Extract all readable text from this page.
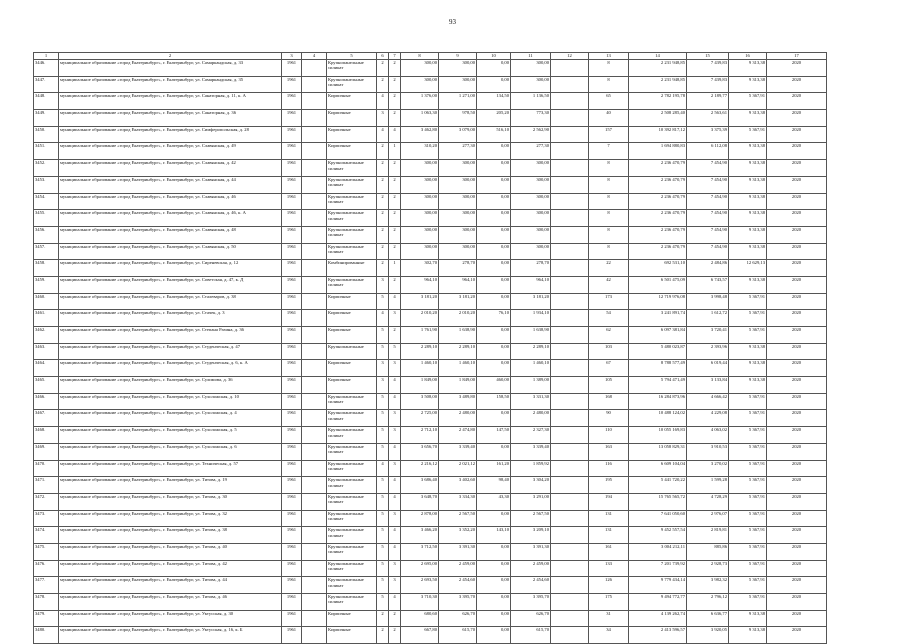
93
1	2	3	4	5	6	7	8	9	10	11	12	13	14	15	16	17
3446.	муниципальное образование «город Екатеринбург», г. Екатеринбург, ул. Самаркандская, д. 33	1961		Крупнопанельные силикат	2	2	300,00	300,00	0,00	300,00		8	2 231 948,85	7 439,83	9 313,38	2020
3447.	муниципальное образование «город Екатеринбург», г. Екатеринбург, ул. Самаркандская, д. 35	1961		Крупнопанельные силикат	2	2	300,00	300,00	0,00	300,00		8	2 231 948,85	7 439,83	9 313,38	2020
3448.	муниципальное образование «город Екатеринбург», г. Екатеринбург, ул. Санаторная, д. 11, к. А	1961		Кирпичные	4	2	1 376,00	1 271,00	134,50	1 136,50		65	2 782 195,78	2 189,77	5 367,91	2020
3449.	муниципальное образование «город Екатеринбург», г. Екатеринбург, ул. Санаторная, д. 36	1961		Кирпичные	3	2	1 063,30	978,50	205,20	773,30		40	2 508 285,40	2 563,61	9 313,38	2020
3450.	муниципальное образование «город Екатеринбург», г. Екатеринбург, ул. Симферопольская, д. 28	1961		Кирпичные	4	4	3 462,80	3 079,00	516,10	2 562,90		157	10 392 817,12	3 375,39	5 367,91	2020
3451.	муниципальное образование «город Екатеринбург», г. Екатеринбург, ул. Славянская, д. 49	1961		Кирпичные	2	1	310,20	277,30	0,00	277,30		7	1 694 880,83	6 112,08	9 313,38	2020
3452.	муниципальное образование «город Екатеринбург», г. Екатеринбург, ул. Славянская, д. 42	1961		Крупнопанельные силикат	2	2	300,00	300,00	0,00	300,00		8	2 236 470,79	7 454,90	9 313,38	2020
3453.	муниципальное образование «город Екатеринбург», г. Екатеринбург, ул. Славянская, д. 44	1961		Крупнопанельные силикат	2	2	300,00	300,00	0,00	300,00		8	2 236 470,79	7 454,90	9 313,38	2020
3454.	муниципальное образование «город Екатеринбург», г. Екатеринбург, ул. Славянская, д. 46	1961		Крупнопанельные силикат	2	2	300,00	300,00	0,00	300,00		8	2 236 470,79	7 454,90	9 313,38	2020
3455.	муниципальное образование «город Екатеринбург», г. Екатеринбург, ул. Славянская, д. 46, к. А	1961		Крупнопанельные силикат	2	2	300,00	300,00	0,00	300,00		8	2 236 470,79	7 454,90	9 313,38	2020
3456.	муниципальное образование «город Екатеринбург», г. Екатеринбург, ул. Славянская, д. 48	1961		Крупнопанельные силикат	2	2	300,00	300,00	0,00	300,00		8	2 236 470,79	7 454,90	9 313,38	2020
3457.	муниципальное образование «город Екатеринбург», г. Екатеринбург, ул. Славянская, д. 50	1961		Крупнопанельные силикат	2	2	300,00	300,00	0,00	300,00		8	2 236 470,79	7 454,90	9 313,38	2020
3458.	муниципальное образование «город Екатеринбург», г. Екатеринбург, ул. Сиреневская, д. 12	1961		Комбинированные	2	1	302,70	278,70	0,00	278,70		22	692 531,10	2 484,86	12 629,13	2020
3459.	муниципальное образование «город Екатеринбург», г. Екатеринбург, ул. Советская, д. 47, к. Д	1961		Крупнопанельные силикат	3	2	964,10	964,10	0,00	964,10		42	6 501 475,09	6 743,57	9 313,38	2020
3460.	муниципальное образование «город Екатеринбург», г. Екатеринбург, ул. Сталеваров, д. 38	1961		Кирпичные	5	4	3 181,20	3 181,20	0,00	3 181,20		173	12 719 976,08	3 998,48	5 367,91	2020
3461.	муниципальное образование «город Екатеринбург», г. Екатеринбург, ул. Стачек, д. 3	1961		Кирпичные	4	3	2 010,20	2 010,20	76,10	1 934,10		54	3 241 891,74	1 612,72	5 367,91	2020
3462.	муниципальное образование «город Екатеринбург», г. Екатеринбург, ул. Степана Разина, д. 36	1961		Кирпичные	5	2	1 761,90	1 638,90	0,00	1 638,90		62	6 097 381,84	3 720,41	5 367,91	2020
3463.	муниципальное образование «город Екатеринбург», г. Екатеринбург, ул. Студенческая, д. 47	1961		Крупнопанельные	5	5	2 289,10	2 289,10	0,00	2 289,10		103	5 480 023,87	2 393,96	9 313,38	2020
3464.	муниципальное образование «город Екатеринбург», г. Екатеринбург, ул. Студенческая, д. 6, к. А	1961		Кирпичные	3	3	1 460,10	1 460,10	0,00	1 460,10		67	8 788 577,49	6 019,44	9 313,38	2020
3465.	муниципальное образование «город Екатеринбург», г. Екатеринбург, ул. Сулимова, д. 36	1961		Кирпичные	3	4	1 849,00	1 849,00	460,00	1 389,00		105	5 794 471,49	3 133,84	9 313,38	2020
3466.	муниципальное образование «город Екатеринбург», г. Екатеринбург, ул. Сухоложская, д. 10	1961		Крупнопанельные силикат	5	4	3 508,00	3 489,80	158,50	3 331,30		168	16 284 873,96	4 666,42	5 367,91	2020
3467.	муниципальное образование «город Екатеринбург», г. Екатеринбург, ул. Сухоложская, д. 4	1961		Крупнопанельные силикат	5	3	2 725,00	2 480,00	0,00	2 480,00		90	10 488 124,02	4 229,08	5 367,91	2020
3468.	муниципальное образование «город Екатеринбург», г. Екатеринбург, ул. Сухоложская, д. 5	1961		Крупнопанельные силикат	5	3	2 712,10	2 474,80	147,50	2 327,30		110	10 055 169,83	4 063,02	5 367,91	2020
3469.	муниципальное образование «город Екатеринбург», г. Екатеринбург, ул. Сухоложская, д. 6	1961		Крупнопанельные силикат	5	4	3 656,70	3 339,40	0,00	3 339,40		163	13 058 829,31	3 910,53	5 367,91	2020
3470.	муниципальное образование «город Екатеринбург», г. Екатеринбург, ул. Техническая, д. 57	1961		Крупнопанельные силикат	4	3	2 216,12	2 021,12	161,20	1 859,92		116	6 609 104,04	3 270,02	5 367,91	2020
3471.	муниципальное образование «город Екатеринбург», г. Екатеринбург, ул. Титова, д. 19	1961		Крупнопанельные силикат	5	4	3 686,40	3 402,60	98,40	3 304,20		195	5 441 720,22	1 599,28	5 367,91	2020
3472.	муниципальное образование «город Екатеринбург», г. Екатеринбург, ул. Титова, д. 30	1961		Крупнопанельные силикат	5	4	3 648,70	3 334,30	43,30	3 291,00		194	15 765 565,72	4 728,29	5 367,91	2020
3473.	муниципальное образование «город Екатеринбург», г. Екатеринбург, ул. Титова, д. 32	1961		Крупнопанельные силикат	5	3	2 878,00	2 567,50	0,00	2 567,50		131	7 641 050,60	2 976,07	5 367,91	2020
3474.	муниципальное образование «город Екатеринбург», г. Екатеринбург, ул. Титова, д. 38	1961		Крупнопанельные силикат	5	4	3 466,20	3 352,20	143,10	3 209,10		131	9 452 557,54	2 819,81	5 367,91	2020
3475.	муниципальное образование «город Екатеринбург», г. Екатеринбург, ул. Титова, д. 40	1961		Крупнопанельные силикат	5	4	3 712,50	3 391,30	0,00	3 391,30		161	3 004 212,11	885,86	5 367,91	2020
3476.	муниципальное образование «город Екатеринбург», г. Екатеринбург, ул. Титова, д. 42	1961		Крупнопанельные силикат	5	3	2 695,00	2 459,00	0,00	2 459,00		133	7 201 739,92	2 928,73	5 367,91	2020
3477.	муниципальное образование «город Екатеринбург», г. Екатеринбург, ул. Титова, д. 44	1961		Крупнопанельные силикат	5	3	2 693,50	2 454,60	0,00	2 454,60		126	9 779 434,14	3 982,32	5 367,91	2020
3478.	муниципальное образование «город Екатеринбург», г. Екатеринбург, ул. Титова, д. 46	1961		Крупнопанельные силикат	5	4	3 710,30	3 395,70	0,00	3 395,70		175	9 494 772,77	2 796,12	5 367,91	2020
3479.	муниципальное образование «город Екатеринбург», г. Екатеринбург, ул. Уктусская, д. 30	1961		Кирпичные	2	2	680,60	626,70	0,00	626,70		31	4 139 262,74	6 636,77	9 313,38	2020
3480.	муниципальное образование «город Екатеринбург», г. Екатеринбург, ул. Уктусская, д. 16, к. Б	1961		Кирпичные	2	2	667,80	615,70	0,00	615,70		34	2 413 596,57	3 920,05	9 313,38	2020
